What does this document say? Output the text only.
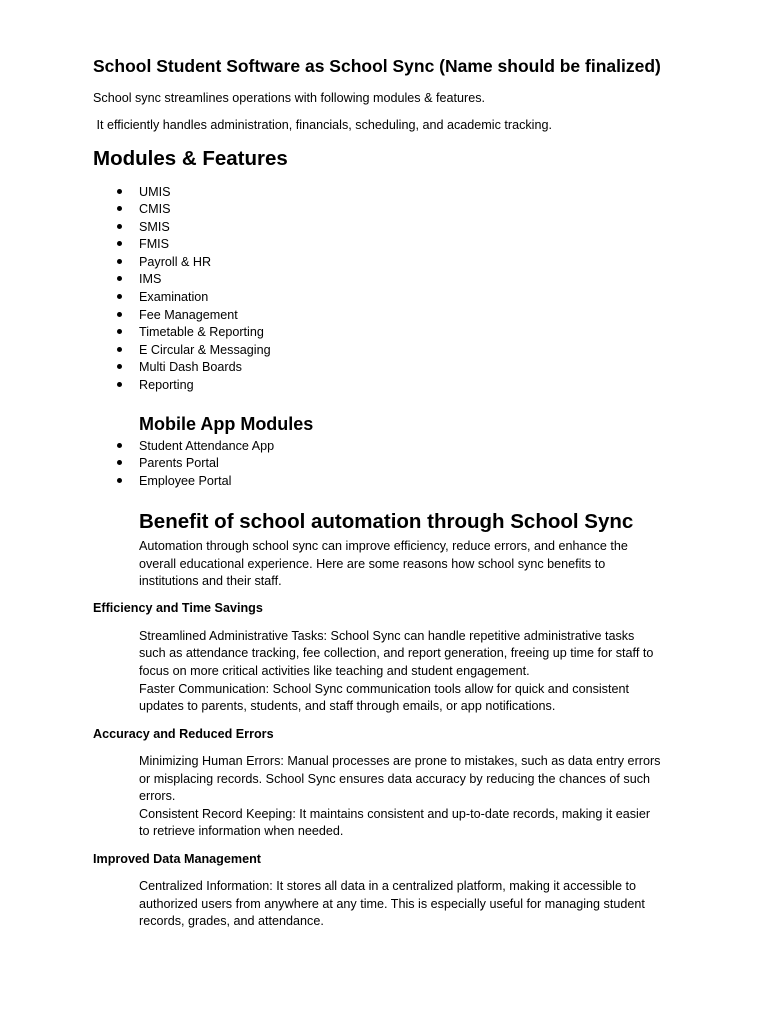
School Student Software as School Sync (Name should be finalized)
School sync streamlines operations with following modules & features.
It efficiently handles administration, financials, scheduling, and academic tracking.
Modules & Features
UMIS
CMIS
SMIS
FMIS
Payroll & HR
IMS
Examination
Fee Management
Timetable & Reporting
E Circular & Messaging
Multi Dash Boards
Reporting
Mobile App Modules
Student Attendance App
Parents Portal
Employee Portal
Benefit of school automation through School Sync
Automation through school sync can improve efficiency, reduce errors, and enhance the
overall educational experience. Here are some reasons how school sync benefits to
institutions and their staff.
Efficiency and Time Savings
Streamlined Administrative Tasks: School Sync can handle repetitive administrative tasks
such as attendance tracking, fee collection, and report generation, freeing up time for staff to
focus on more critical activities like teaching and student engagement.
Faster Communication: School Sync communication tools allow for quick and consistent
updates to parents, students, and staff through emails, or app notifications.
Accuracy and Reduced Errors
Minimizing Human Errors: Manual processes are prone to mistakes, such as data entry errors
or misplacing records. School Sync ensures data accuracy by reducing the chances of such
errors.
Consistent Record Keeping: It maintains consistent and up-to-date records, making it easier
to retrieve information when needed.
Improved Data Management
Centralized Information: It stores all data in a centralized platform, making it accessible to
authorized users from anywhere at any time. This is especially useful for managing student
records, grades, and attendance.
